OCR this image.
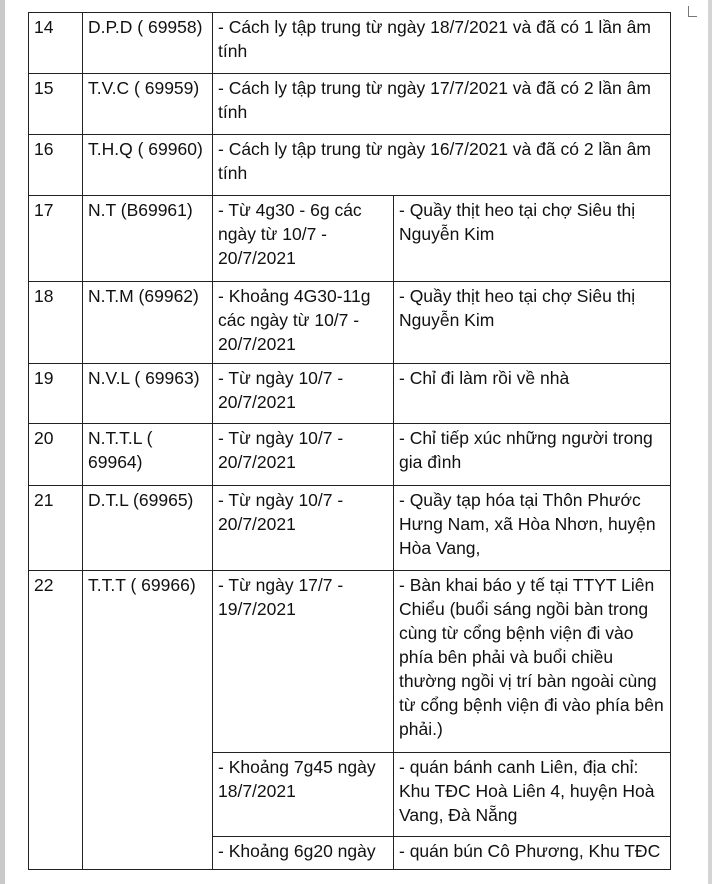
14	D.P.D ( 69958)	- Cách ly tập trung từ ngày 18/7/2021 và đã có 1 lần âm tính	
15	T.V.C ( 69959)	- Cách ly tập trung từ ngày 17/7/2021 và đã có 2 lần âm tính	
16	T.H.Q ( 69960)	- Cách ly tập trung từ ngày 16/7/2021 và đã có 2 lần âm tính	
17	N.T (B69961)	- Từ 4g30 - 6g các ngày từ 10/7 - 20/7/2021	- Quầy thịt heo tại chợ Siêu thị Nguyễn Kim
18	N.T.M (69962)	- Khoảng 4G30-11g các ngày từ 10/7 - 20/7/2021	- Quầy thịt heo tại chợ Siêu thị Nguyễn Kim
19	N.V.L ( 69963)	- Từ ngày 10/7 - 20/7/2021	- Chỉ đi làm rồi về nhà
20	N.T.T.L ( 69964)	- Từ ngày 10/7 - 20/7/2021	- Chỉ tiếp xúc những người trong gia đình
21	D.T.L (69965)	- Từ ngày 10/7 - 20/7/2021	- Quầy tạp hóa tại Thôn Phước Hưng Nam, xã Hòa Nhơn, huyện Hòa Vang,
22	T.T.T ( 69966)	- Từ ngày 17/7 - 19/7/2021	- Bàn khai báo y tế tại TTYT Liên Chiểu (buổi sáng ngồi bàn trong cùng từ cổng bệnh viện đi vào phía bên phải và buổi chiều thường ngồi vị trí bàn ngoài cùng từ cổng bệnh viện đi vào phía bên phải.)
		- Khoảng 7g45 ngày 18/7/2021	- quán bánh canh Liên, địa chỉ: Khu TĐC Hoà Liên 4, huyện Hoà Vang, Đà Nẵng
		- Khoảng 6g20 ngày	- quán bún Cô Phương, Khu TĐC
